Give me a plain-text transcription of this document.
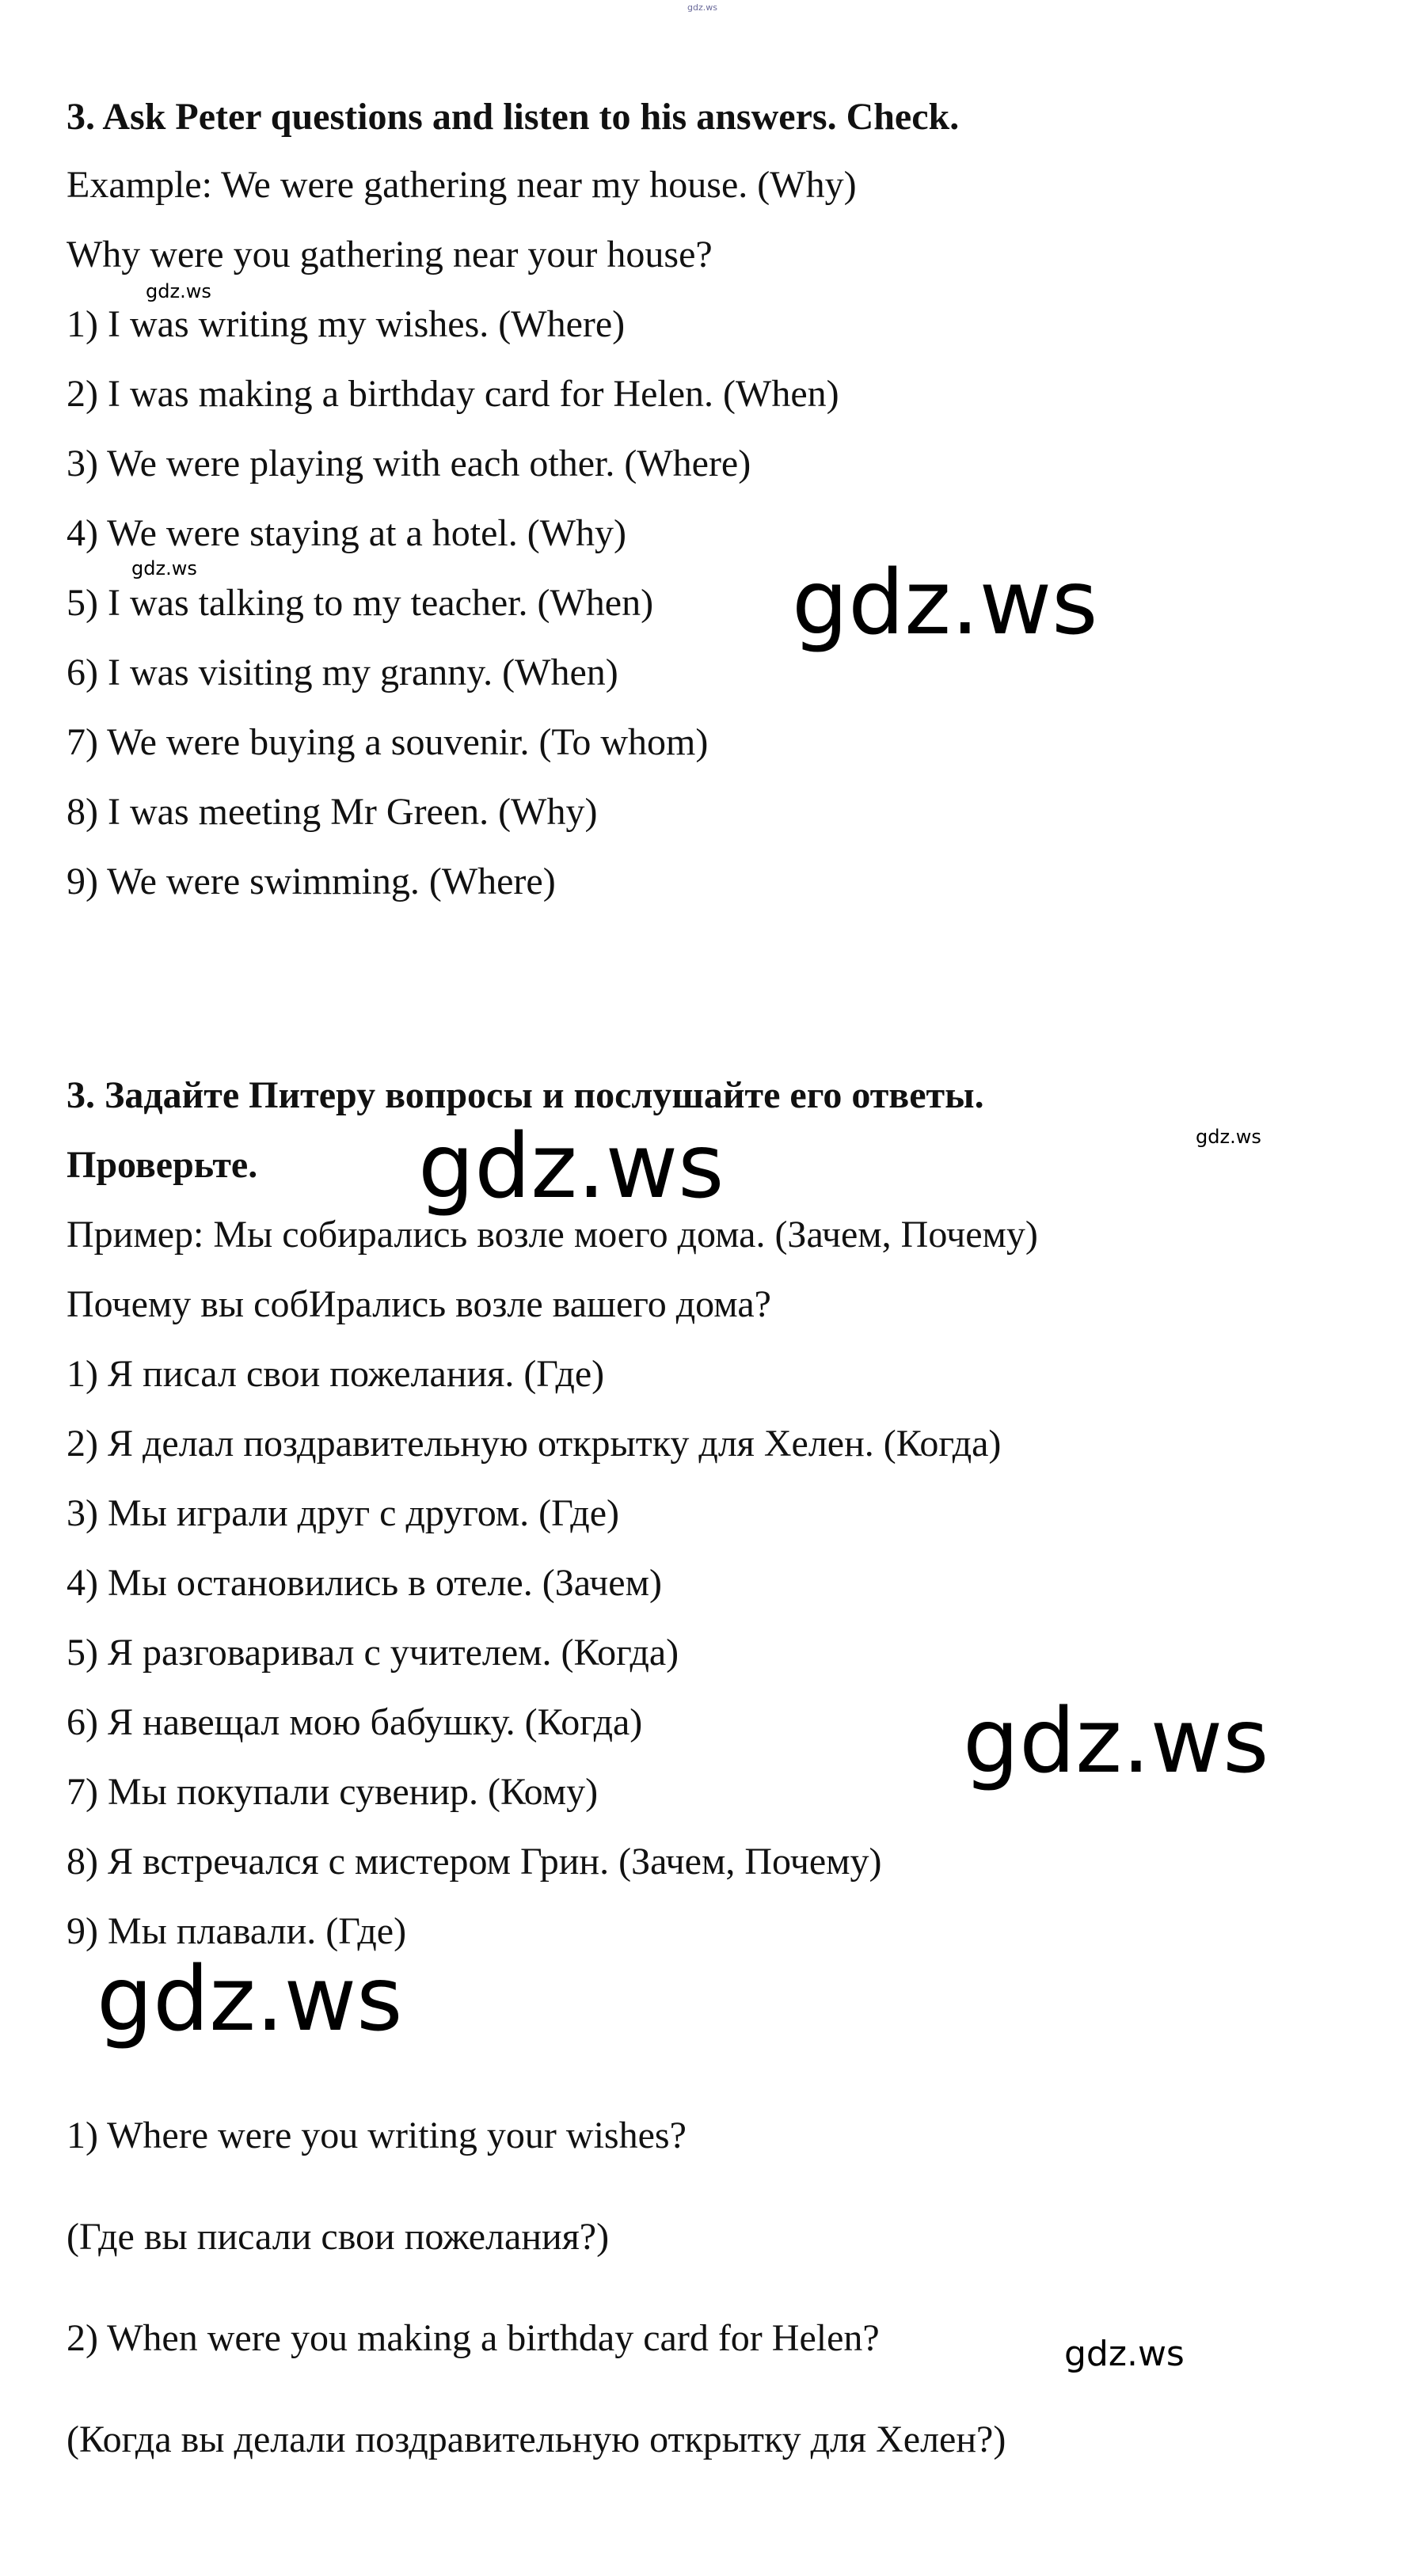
gdz.ws
3. Ask Peter questions and listen to his answers. Check.
Example: We were gathering near my house. (Why)
Why were you gathering near your house?
1) I was writing my wishes. (Where)
2) I was making a birthday card for Helen. (When)
3) We were playing with each other. (Where)
4) We were staying at a hotel. (Why)
5) I was talking to my teacher. (When)
6) I was visiting my granny. (When)
7) We were buying a souvenir. (To whom)
8) I was meeting Mr Green. (Why)
9) We were swimming. (Where)
3. Задайте Питеру вопросы и послушайте его ответы.
Проверьте.
Пример: Мы собирались возле моего дома. (Зачем, Почему)
Почему вы собИрались возле вашего дома?
1) Я писал свои пожелания. (Где)
2) Я делал поздравительную открытку для Хелен. (Когда)
3) Мы играли друг с другом. (Где)
4) Мы остановились в отеле. (Зачем)
5) Я разговаривал с учителем. (Когда)
6) Я навещал мою бабушку. (Когда)
7) Мы покупали сувенир. (Кому)
8) Я встречался с мистером Грин. (Зачем, Почему)
9) Мы плавали. (Где)
1) Where were you writing your wishes?
(Где вы писали свои пожелания?)
2) When were you making a birthday card for Helen?
(Когда вы делали поздравительную открытку для Хелен?)
gdz.ws
gdz.ws	gdz.ws
gdz.ws
gdz.ws
gdz.ws
gdz.ws
gdz.ws
